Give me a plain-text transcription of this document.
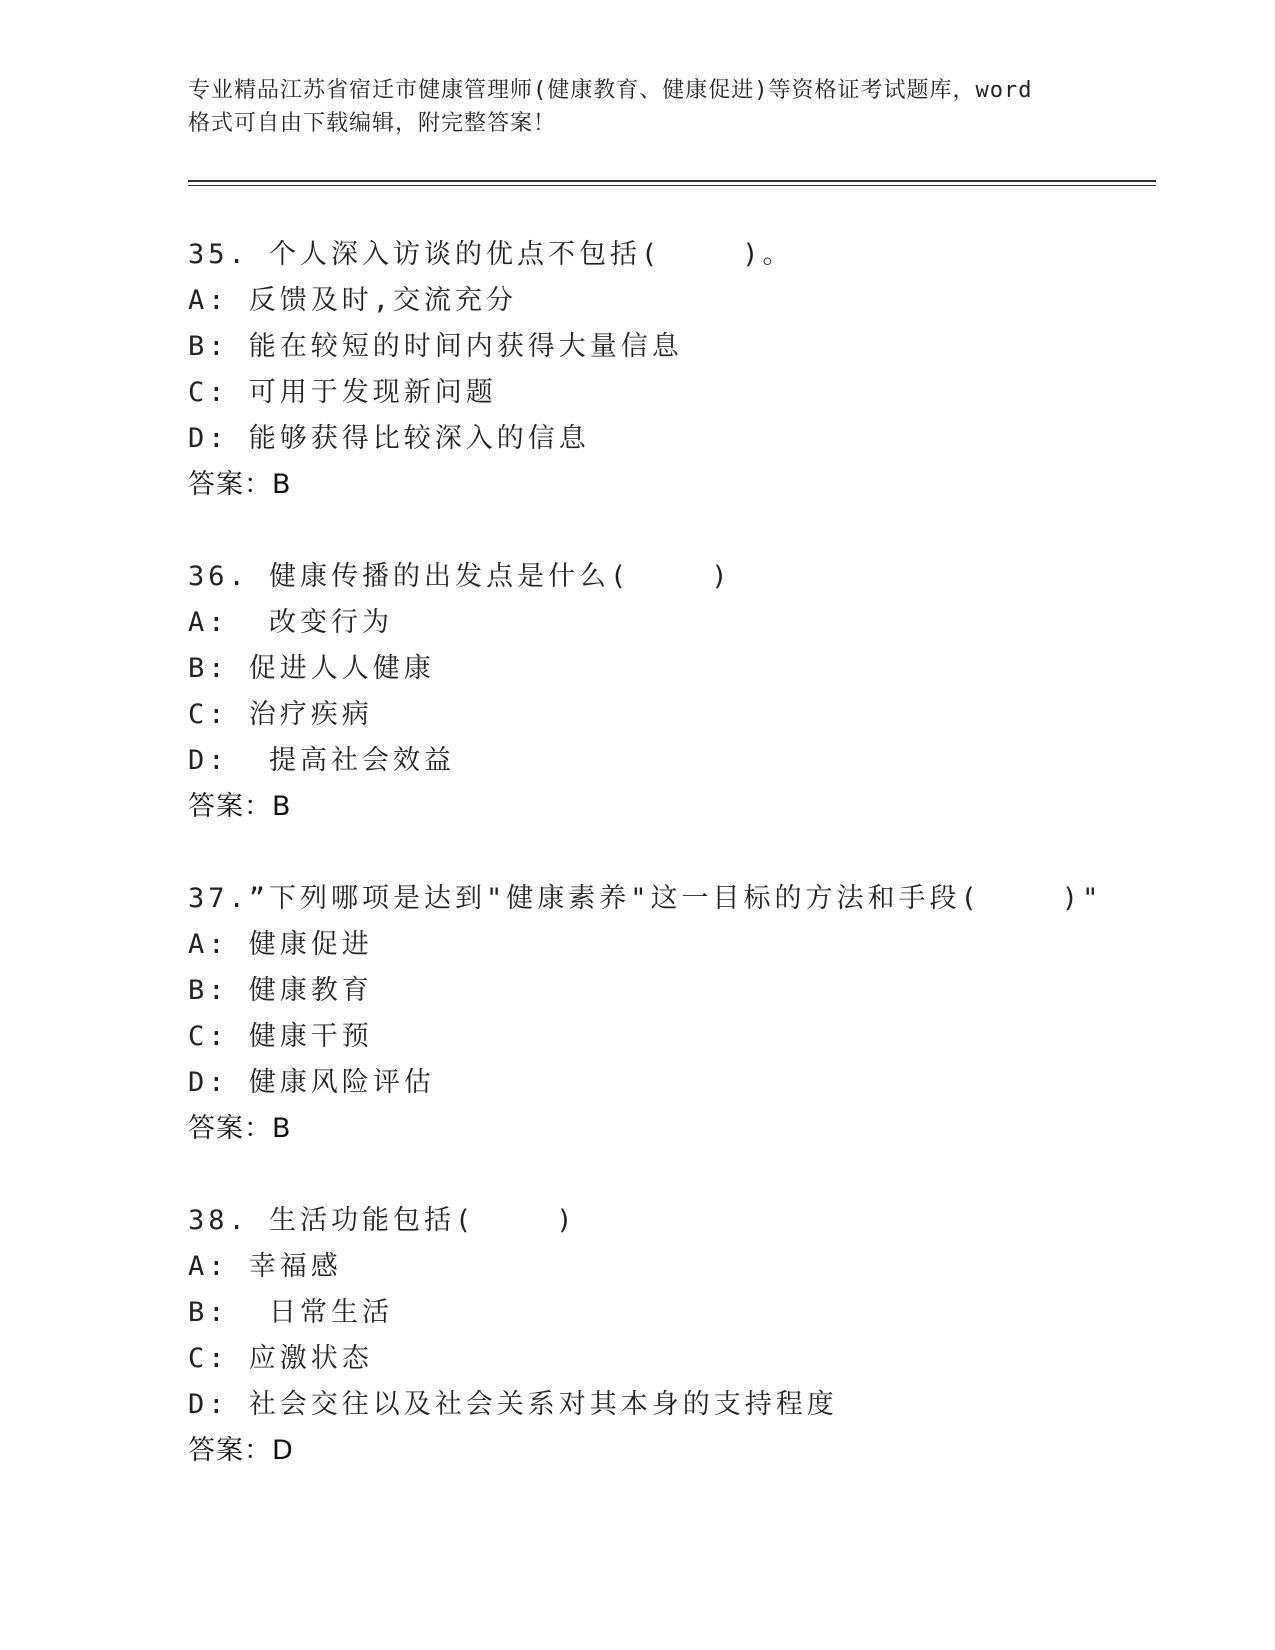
专业精品江苏省宿迁市健康管理师(健康教育、健康促进)等资格证考试题库，word
格式可自由下载编辑，附完整答案！
35. 个人深入访谈的优点不包括(    )。
A: 反馈及时,交流充分
B: 能在较短的时间内获得大量信息
C: 可用于发现新问题
D: 能够获得比较深入的信息
答案：B
36. 健康传播的出发点是什么(    )
A:  改变行为
B: 促进人人健康
C: 治疗疾病
D:  提高社会效益
答案：B
37.”下列哪项是达到"健康素养"这一目标的方法和手段(    )"
A: 健康促进
B: 健康教育
C: 健康干预
D: 健康风险评估
答案：B
38. 生活功能包括(    )
A: 幸福感
B:  日常生活
C: 应激状态
D: 社会交往以及社会关系对其本身的支持程度
答案：D
